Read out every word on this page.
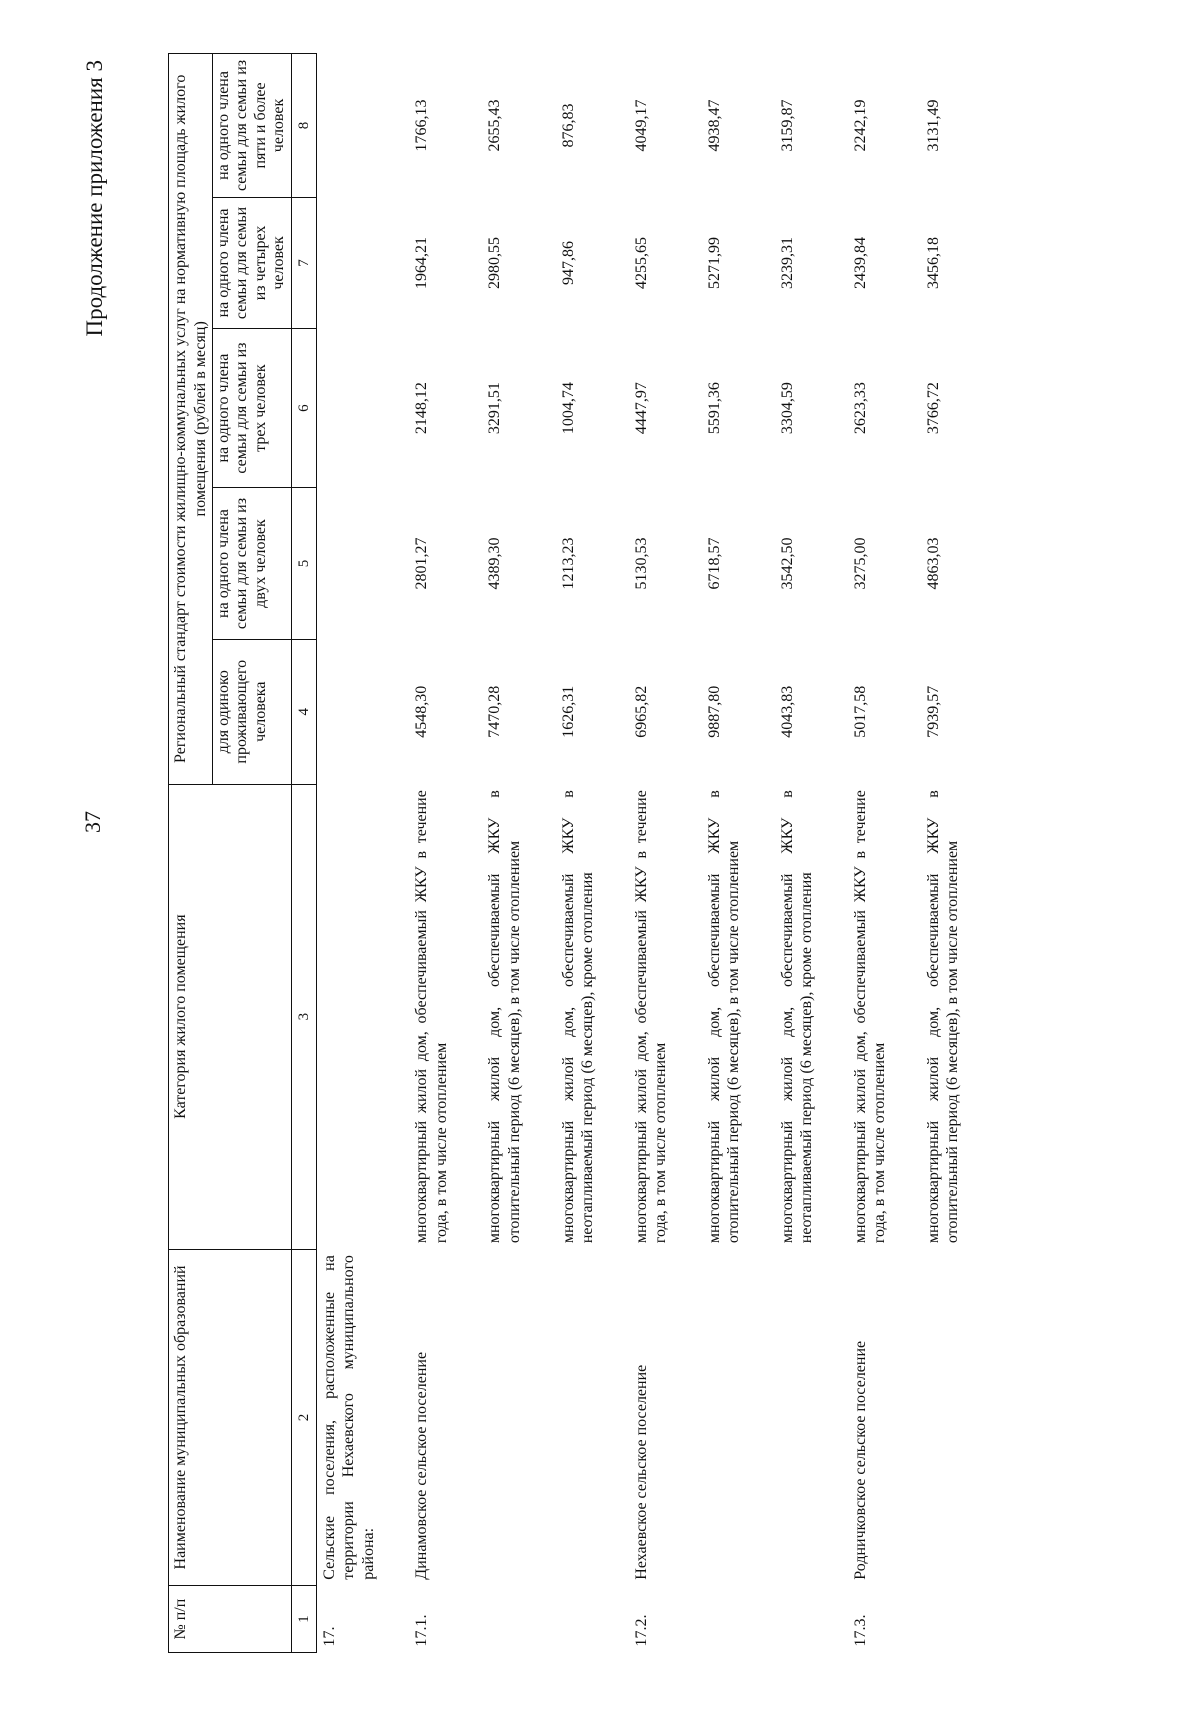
37
Продолжение приложения 3
№ п/п	Наименование муниципальных образований	Категория жилого помещения	Региональный стандарт стоимости жилищно-коммунальных услуг на нормативную площадь жилого помещения (рублей в месяц)				
			для одиноко проживающего человека	на одного члена семьи для семьи из двух человек	на одного члена семьи для семьи из трех человек	на одного члена семьи для семьи из четырех человек	на одного члена семьи для семьи из пяти и более человек
1	2	3	4	5	6	7	8
17.	Сельские поселения, расположенные на территории Нехаевского муниципального района:						

17.1.	Динамовское сельское поселение	многоквартирный жилой дом, обеспечиваемый ЖКУ в течение года, в том числе отоплением	4548,30	2801,27	2148,12	1964,21	1766,13

		многоквартирный жилой дом, обеспечиваемый ЖКУ в отопительный период (6 месяцев), в том числе отоплением	7470,28	4389,30	3291,51	2980,55	2655,43

		многоквартирный жилой дом, обеспечиваемый ЖКУ в неотапливаемый период (6 месяцев), кроме отопления	1626,31	1213,23	1004,74	947,86	876,83

17.2.	Нехаевское сельское поселение	многоквартирный жилой дом, обеспечиваемый ЖКУ в течение года, в том числе отоплением	6965,82	5130,53	4447,97	4255,65	4049,17

		многоквартирный жилой дом, обеспечиваемый ЖКУ в отопительный период (6 месяцев), в том числе отоплением	9887,80	6718,57	5591,36	5271,99	4938,47

		многоквартирный жилой дом, обеспечиваемый ЖКУ в неотапливаемый период (6 месяцев), кроме отопления	4043,83	3542,50	3304,59	3239,31	3159,87

17.3.	Родничковское сельское поселение	многоквартирный жилой дом, обеспечиваемый ЖКУ в течение года, в том числе отоплением	5017,58	3275,00	2623,33	2439,84	2242,19

		многоквартирный жилой дом, обеспечиваемый ЖКУ в отопительный период (6 месяцев), в том числе отоплением	7939,57	4863,03	3766,72	3456,18	3131,49
